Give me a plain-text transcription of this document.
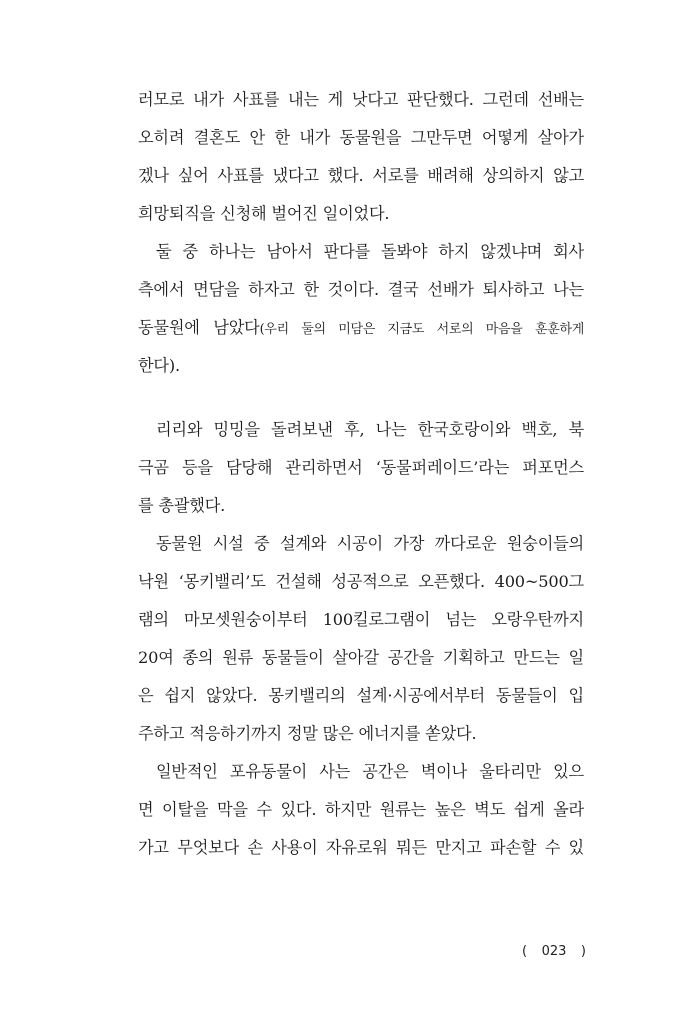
러모로 내가 사표를 내는 게 낫다고 판단했다. 그런데 선배는
오히려 결혼도 안 한 내가 동물원을 그만두면 어떻게 살아가
겠나 싶어 사표를 냈다고 했다. 서로를 배려해 상의하지 않고
희망퇴직을 신청해 벌어진 일이었다.
둘 중 하나는 남아서 판다를 돌봐야 하지 않겠냐며 회사
측에서 면담을 하자고 한 것이다. 결국 선배가 퇴사하고 나는
동물원에 남았다(우리 둘의 미담은 지금도 서로의 마음을 훈훈하게
한다).
리리와 밍밍을 돌려보낸 후, 나는 한국호랑이와 백호, 북
극곰 등을 담당해 관리하면서 ‘동물퍼레이드’라는 퍼포먼스
를 총괄했다.
동물원 시설 중 설계와 시공이 가장 까다로운 원숭이들의
낙원 ‘몽키밸리’도 건설해 성공적으로 오픈했다. 400~500그
램의 마모셋원숭이부터 100킬로그램이 넘는 오랑우탄까지
20여 종의 원류 동물들이 살아갈 공간을 기획하고 만드는 일
은 쉽지 않았다. 몽키밸리의 설계·시공에서부터 동물들이 입
주하고 적응하기까지 정말 많은 에너지를 쏟았다.
일반적인 포유동물이 사는 공간은 벽이나 울타리만 있으
면 이탈을 막을 수 있다. 하지만 원류는 높은 벽도 쉽게 올라
가고 무엇보다 손 사용이 자유로워 뭐든 만지고 파손할 수 있
( 023 )
